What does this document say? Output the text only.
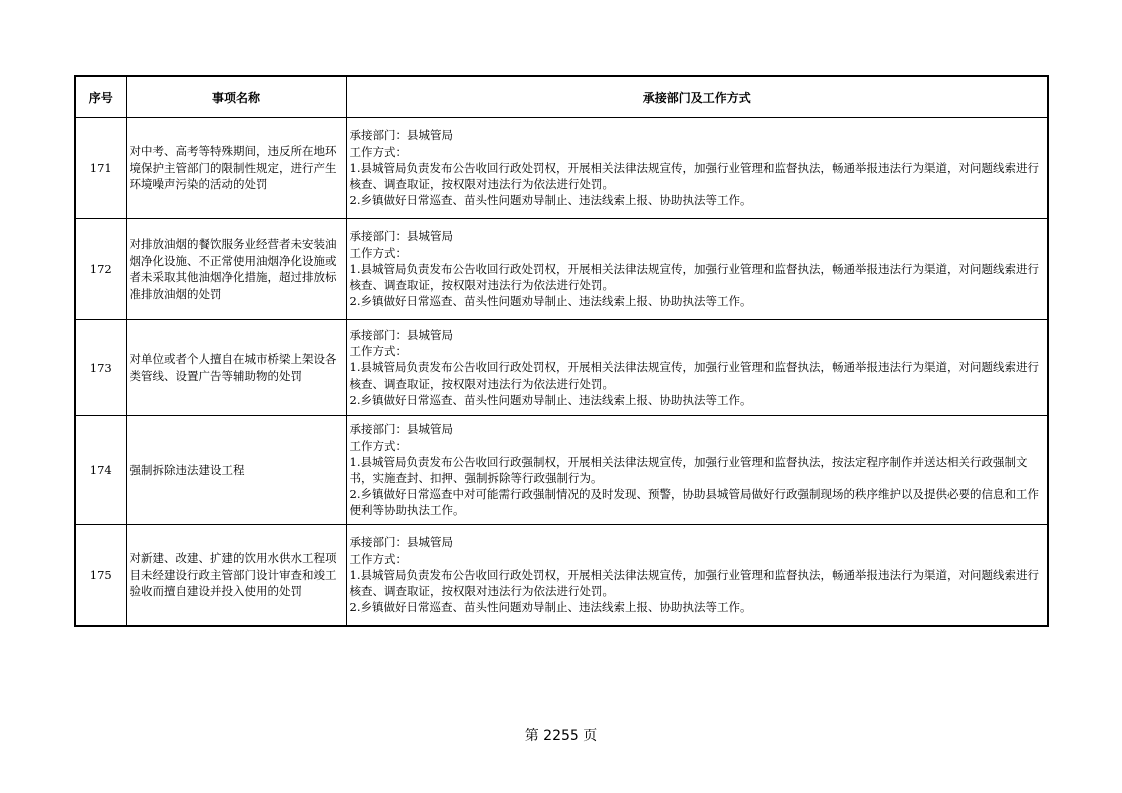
序号	事项名称	承接部门及工作方式
171	对中考、高考等特殊期间，违反所在地环境保护主管部门的限制性规定，进行产生环境噪声污染的活动的处罚	承接部门：县城管局
工作方式：
1.县城管局负责发布公告收回行政处罚权，开展相关法律法规宣传，加强行业管理和监督执法，畅通举报违法行为渠道，对问题线索进行核查、调查取证，按权限对违法行为依法进行处罚。
2.乡镇做好日常巡查、苗头性问题劝导制止、违法线索上报、协助执法等工作。

172	对排放油烟的餐饮服务业经营者未安装油烟净化设施、不正常使用油烟净化设施或者未采取其他油烟净化措施，超过排放标准排放油烟的处罚	承接部门：县城管局
工作方式：
1.县城管局负责发布公告收回行政处罚权，开展相关法律法规宣传，加强行业管理和监督执法，畅通举报违法行为渠道，对问题线索进行核查、调查取证，按权限对违法行为依法进行处罚。
2.乡镇做好日常巡查、苗头性问题劝导制止、违法线索上报、协助执法等工作。

173	对单位或者个人擅自在城市桥梁上架设各类管线、设置广告等辅助物的处罚	承接部门：县城管局
工作方式：
1.县城管局负责发布公告收回行政处罚权，开展相关法律法规宣传，加强行业管理和监督执法，畅通举报违法行为渠道，对问题线索进行核查、调查取证，按权限对违法行为依法进行处罚。
2.乡镇做好日常巡查、苗头性问题劝导制止、违法线索上报、协助执法等工作。

174	强制拆除违法建设工程	承接部门：县城管局
工作方式：
1.县城管局负责发布公告收回行政强制权，开展相关法律法规宣传，加强行业管理和监督执法，按法定程序制作并送达相关行政强制文书，实施查封、扣押、强制拆除等行政强制行为。
2.乡镇做好日常巡查中对可能需行政强制情况的及时发现、预警，协助县城管局做好行政强制现场的秩序维护以及提供必要的信息和工作便利等协助执法工作。

175	对新建、改建、扩建的饮用水供水工程项目未经建设行政主管部门设计审查和竣工验收而擅自建设并投入使用的处罚	承接部门：县城管局
工作方式：
1.县城管局负责发布公告收回行政处罚权，开展相关法律法规宣传，加强行业管理和监督执法，畅通举报违法行为渠道，对问题线索进行核查、调查取证，按权限对违法行为依法进行处罚。
2.乡镇做好日常巡查、苗头性问题劝导制止、违法线索上报、协助执法等工作。
第 2255 页
